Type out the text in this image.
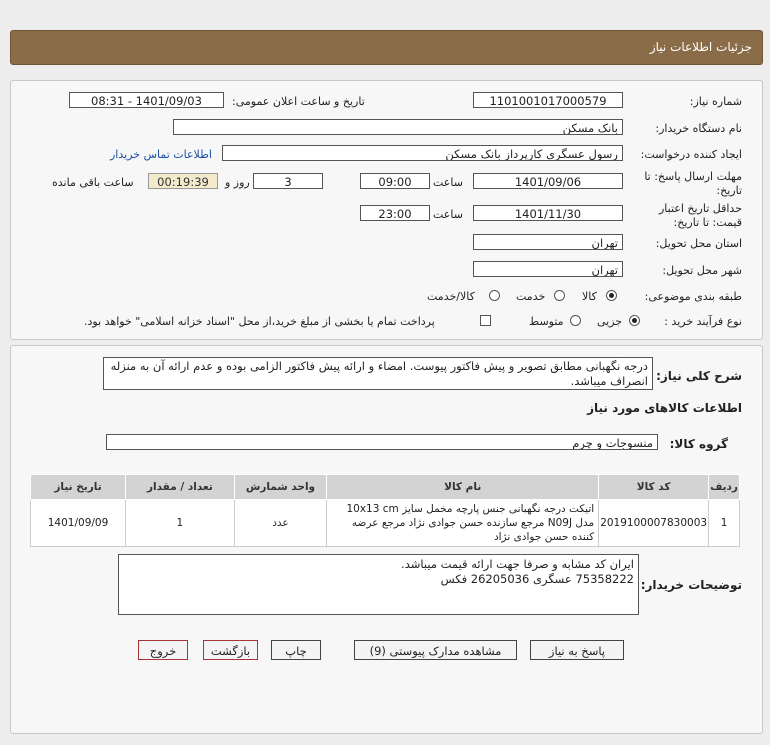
جزئیات اطلاعات نیاز
شماره نیاز:
1101001017000579
تاریخ و ساعت اعلان عمومی:
1401/09/03 - 08:31
نام دستگاه خریدار:
بانک مسکن
ایجاد کننده درخواست:
رسول عسگری کارپرداز بانک مسکن
اطلاعات تماس خریدار
مهلت ارسال پاسخ: تا
تاریخ:
1401/09/06
ساعت
09:00
3
روز و
00:19:39
ساعت باقی مانده
حداقل تاریخ اعتبار
قیمت: تا تاریخ:
1401/11/30
ساعت
23:00
استان محل تحویل:
تهران
شهر محل تحویل:
تهران
طبقه بندی موضوعی:
کالا
خدمت
کالا/خدمت
نوع فرآیند خرید :
جزیی
متوسط
پرداخت تمام یا بخشی از مبلغ خرید،از محل "اسناد خزانه اسلامی" خواهد بود.
شرح کلی نیاز:
درجه نگهبانی مطابق تصویر و پیش فاکتور پیوست. امضاء و ارائه پیش فاکتور الزامی بوده و عدم ارائه آن به منزله انصراف میباشد.
اطلاعات کالاهای مورد نیاز
گروه کالا:
منسوجات و چرم
تاریخ نیاز	تعداد / مقدار	واحد شمارش	نام کالا	کد کالا	ردیف
1401/09/09	1	عدد	اتیکت درجه نگهبانی جنس پارچه مخمل سایز 10x13 cm مدل N09J مرجع سازنده حسن جوادی نژاد مرجع عرضه کننده حسن جوادی نژاد	2019100007830003	1
توضیحات خریدار:
ایران کد مشابه و صرفا جهت ارائه قیمت میباشد.
75358222 عسگری 26205036 فکس
پاسخ به نیاز
مشاهده مدارک پیوستی (9)
چاپ
بازگشت
خروج
